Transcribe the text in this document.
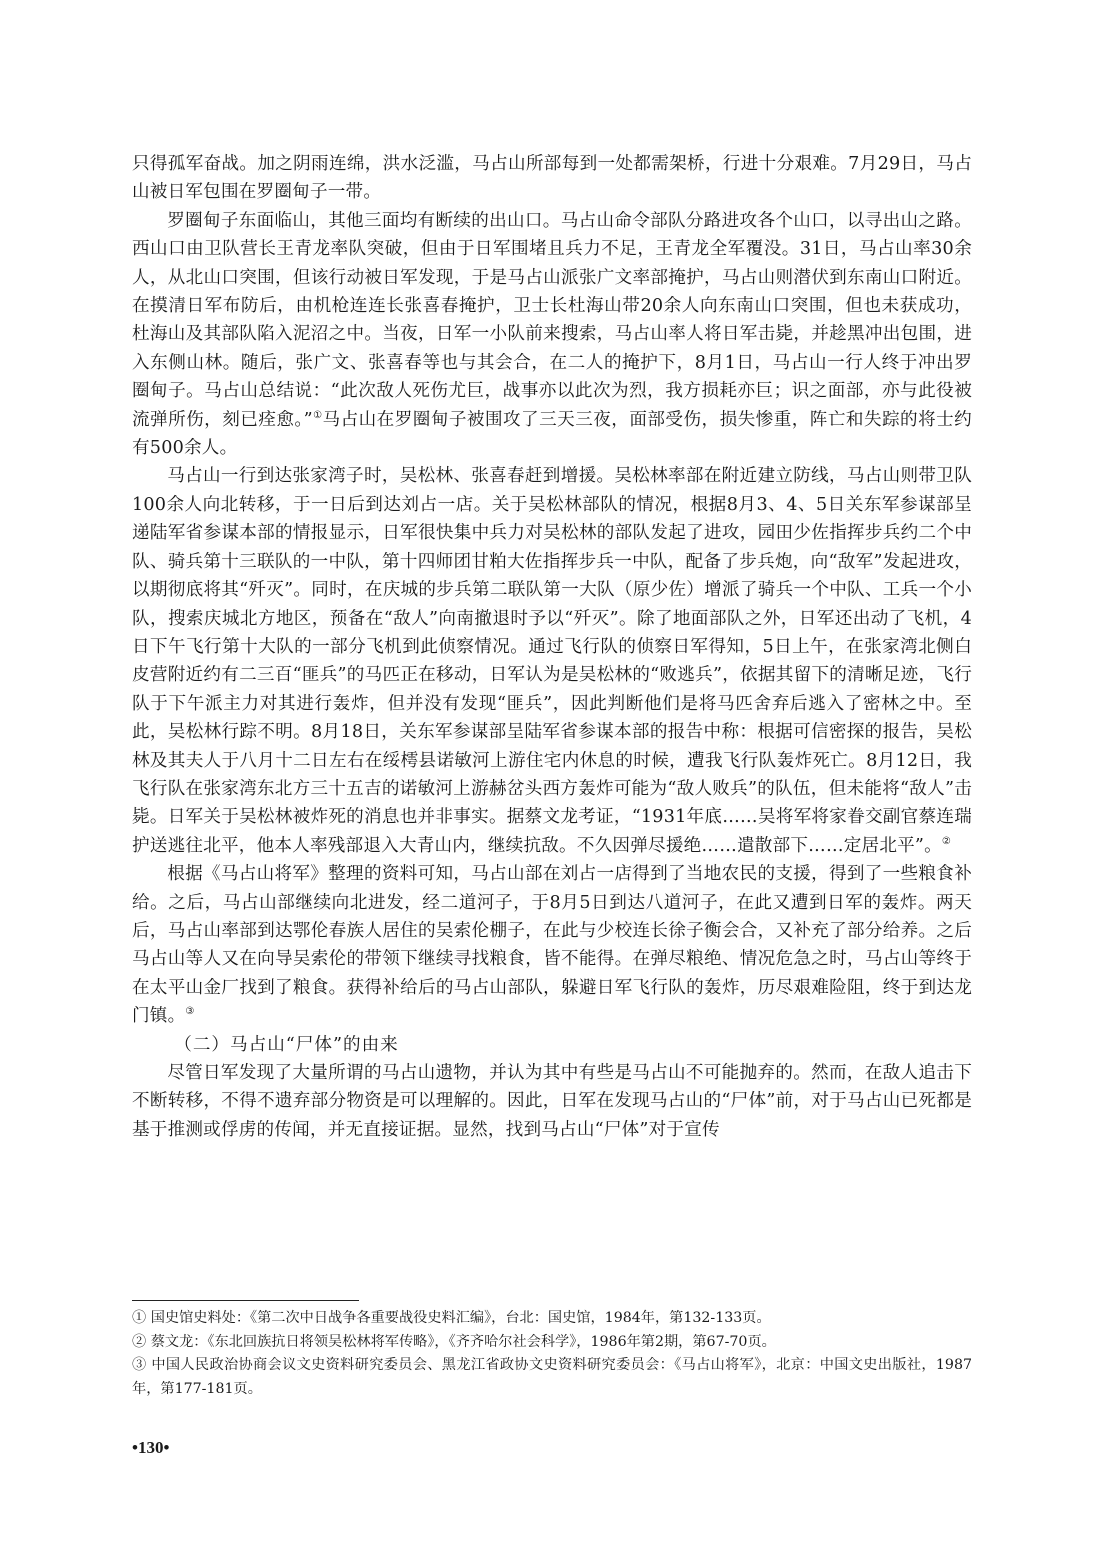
只得孤军奋战。加之阴雨连绵，洪水泛滥，马占山所部每到一处都需架桥，行进十分艰难。7月29日，马占山被日军包围在罗圈甸子一带。

罗圈甸子东面临山，其他三面均有断续的出山口。马占山命令部队分路进攻各个山口，以寻出山之路。西山口由卫队营长王青龙率队突破，但由于日军围堵且兵力不足，王青龙全军覆没。31日，马占山率30余人，从北山口突围，但该行动被日军发现，于是马占山派张广文率部掩护，马占山则潜伏到东南山口附近。在摸清日军布防后，由机枪连连长张喜春掩护，卫士长杜海山带20余人向东南山口突围，但也未获成功，杜海山及其部队陷入泥沼之中。当夜，日军一小队前来搜索，马占山率人将日军击毙，并趁黑冲出包围，进入东侧山林。随后，张广文、张喜春等也与其会合，在二人的掩护下，8月1日，马占山一行人终于冲出罗圈甸子。马占山总结说：“此次敌人死伤尤巨，战事亦以此次为烈，我方损耗亦巨；识之面部，亦与此役被流弹所伤，刻已痊愈。”①马占山在罗圈甸子被围攻了三天三夜，面部受伤，损失惨重，阵亡和失踪的将士约有500余人。

马占山一行到达张家湾子时，吴松林、张喜春赶到增援。吴松林率部在附近建立防线，马占山则带卫队100余人向北转移，于一日后到达刘占一店。关于吴松林部队的情况，根据8月3、4、5日关东军参谋部呈递陆军省参谋本部的情报显示，日军很快集中兵力对吴松林的部队发起了进攻，园田少佐指挥步兵约二个中队、骑兵第十三联队的一中队，第十四师团甘粕大佐指挥步兵一中队，配备了步兵炮，向“敌军”发起进攻，以期彻底将其“歼灭”。同时，在庆城的步兵第二联队第一大队（原少佐）增派了骑兵一个中队、工兵一个小队，搜索庆城北方地区，预备在“敌人”向南撤退时予以“歼灭”。除了地面部队之外，日军还出动了飞机，4日下午飞行第十大队的一部分飞机到此侦察情况。通过飞行队的侦察日军得知，5日上午，在张家湾北侧白皮营附近约有二三百“匪兵”的马匹正在移动，日军认为是吴松林的“败逃兵”，依据其留下的清晰足迹，飞行队于下午派主力对其进行轰炸，但并没有发现“匪兵”，因此判断他们是将马匹舍弃后逃入了密林之中。至此，吴松林行踪不明。8月18日，关东军参谋部呈陆军省参谋本部的报告中称：根据可信密探的报告，吴松林及其夫人于八月十二日左右在绥樗县诺敏河上游住宅内休息的时候，遭我飞行队轰炸死亡。8月12日，我飞行队在张家湾东北方三十五吉的诺敏河上游赫岔头西方轰炸可能为“敌人败兵”的队伍，但未能将“敌人”击毙。日军关于吴松林被炸死的消息也并非事实。据蔡文龙考证，“1931年底……吴将军将家眷交副官蔡连瑞护送逃往北平，他本人率残部退入大青山内，继续抗敌。不久因弹尽援绝……遣散部下……定居北平”。②

根据《马占山将军》整理的资料可知，马占山部在刘占一店得到了当地农民的支援，得到了一些粮食补给。之后，马占山部继续向北进发，经二道河子，于8月5日到达八道河子，在此又遭到日军的轰炸。两天后，马占山率部到达鄂伦春族人居住的吴索伦棚子，在此与少校连长徐子衡会合，又补充了部分给养。之后马占山等人又在向导吴索伦的带领下继续寻找粮食，皆不能得。在弹尽粮绝、情况危急之时，马占山等终于在太平山金厂找到了粮食。获得补给后的马占山部队，躲避日军飞行队的轰炸，历尽艰难险阻，终于到达龙门镇。③

（二）马占山“尸体”的由来

尽管日军发现了大量所谓的马占山遗物，并认为其中有些是马占山不可能抛弃的。然而，在敌人追击下不断转移，不得不遗弃部分物资是可以理解的。因此，日军在发现马占山的“尸体”前，对于马占山已死都是基于推测或俘虏的传闻，并无直接证据。显然，找到马占山“尸体”对于宣传

① 国史馆史料处：《第二次中日战争各重要战役史料汇编》，台北：国史馆，1984年，第132-133页。

② 蔡文龙：《东北回族抗日将领吴松林将军传略》，《齐齐哈尔社会科学》，1986年第2期，第67-70页。

③ 中国人民政治协商会议文史资料研究委员会、黑龙江省政协文史资料研究委员会：《马占山将军》，北京：中国文史出版社，1987年，第177-181页。

•130•
